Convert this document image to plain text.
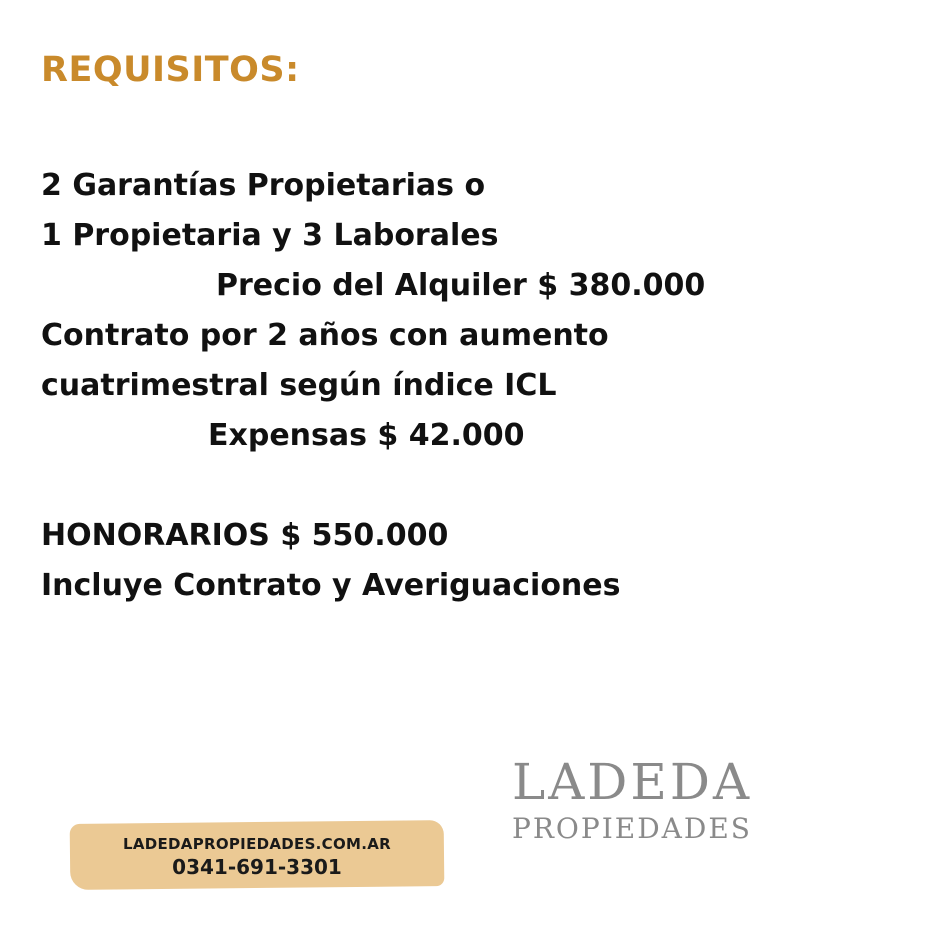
REQUISITOS:
2 Garantías Propietarias o
1 Propietaria y 3 Laborales
Precio del Alquiler $ 380.000
Contrato por 2 años con aumento
cuatrimestral según índice ICL
Expensas $ 42.000
HONORARIOS $ 550.000
Incluye Contrato y Averiguaciones
LADEDAPROPIEDADES.COM.AR
0341-691-3301
LADEDA
PROPIEDADES
